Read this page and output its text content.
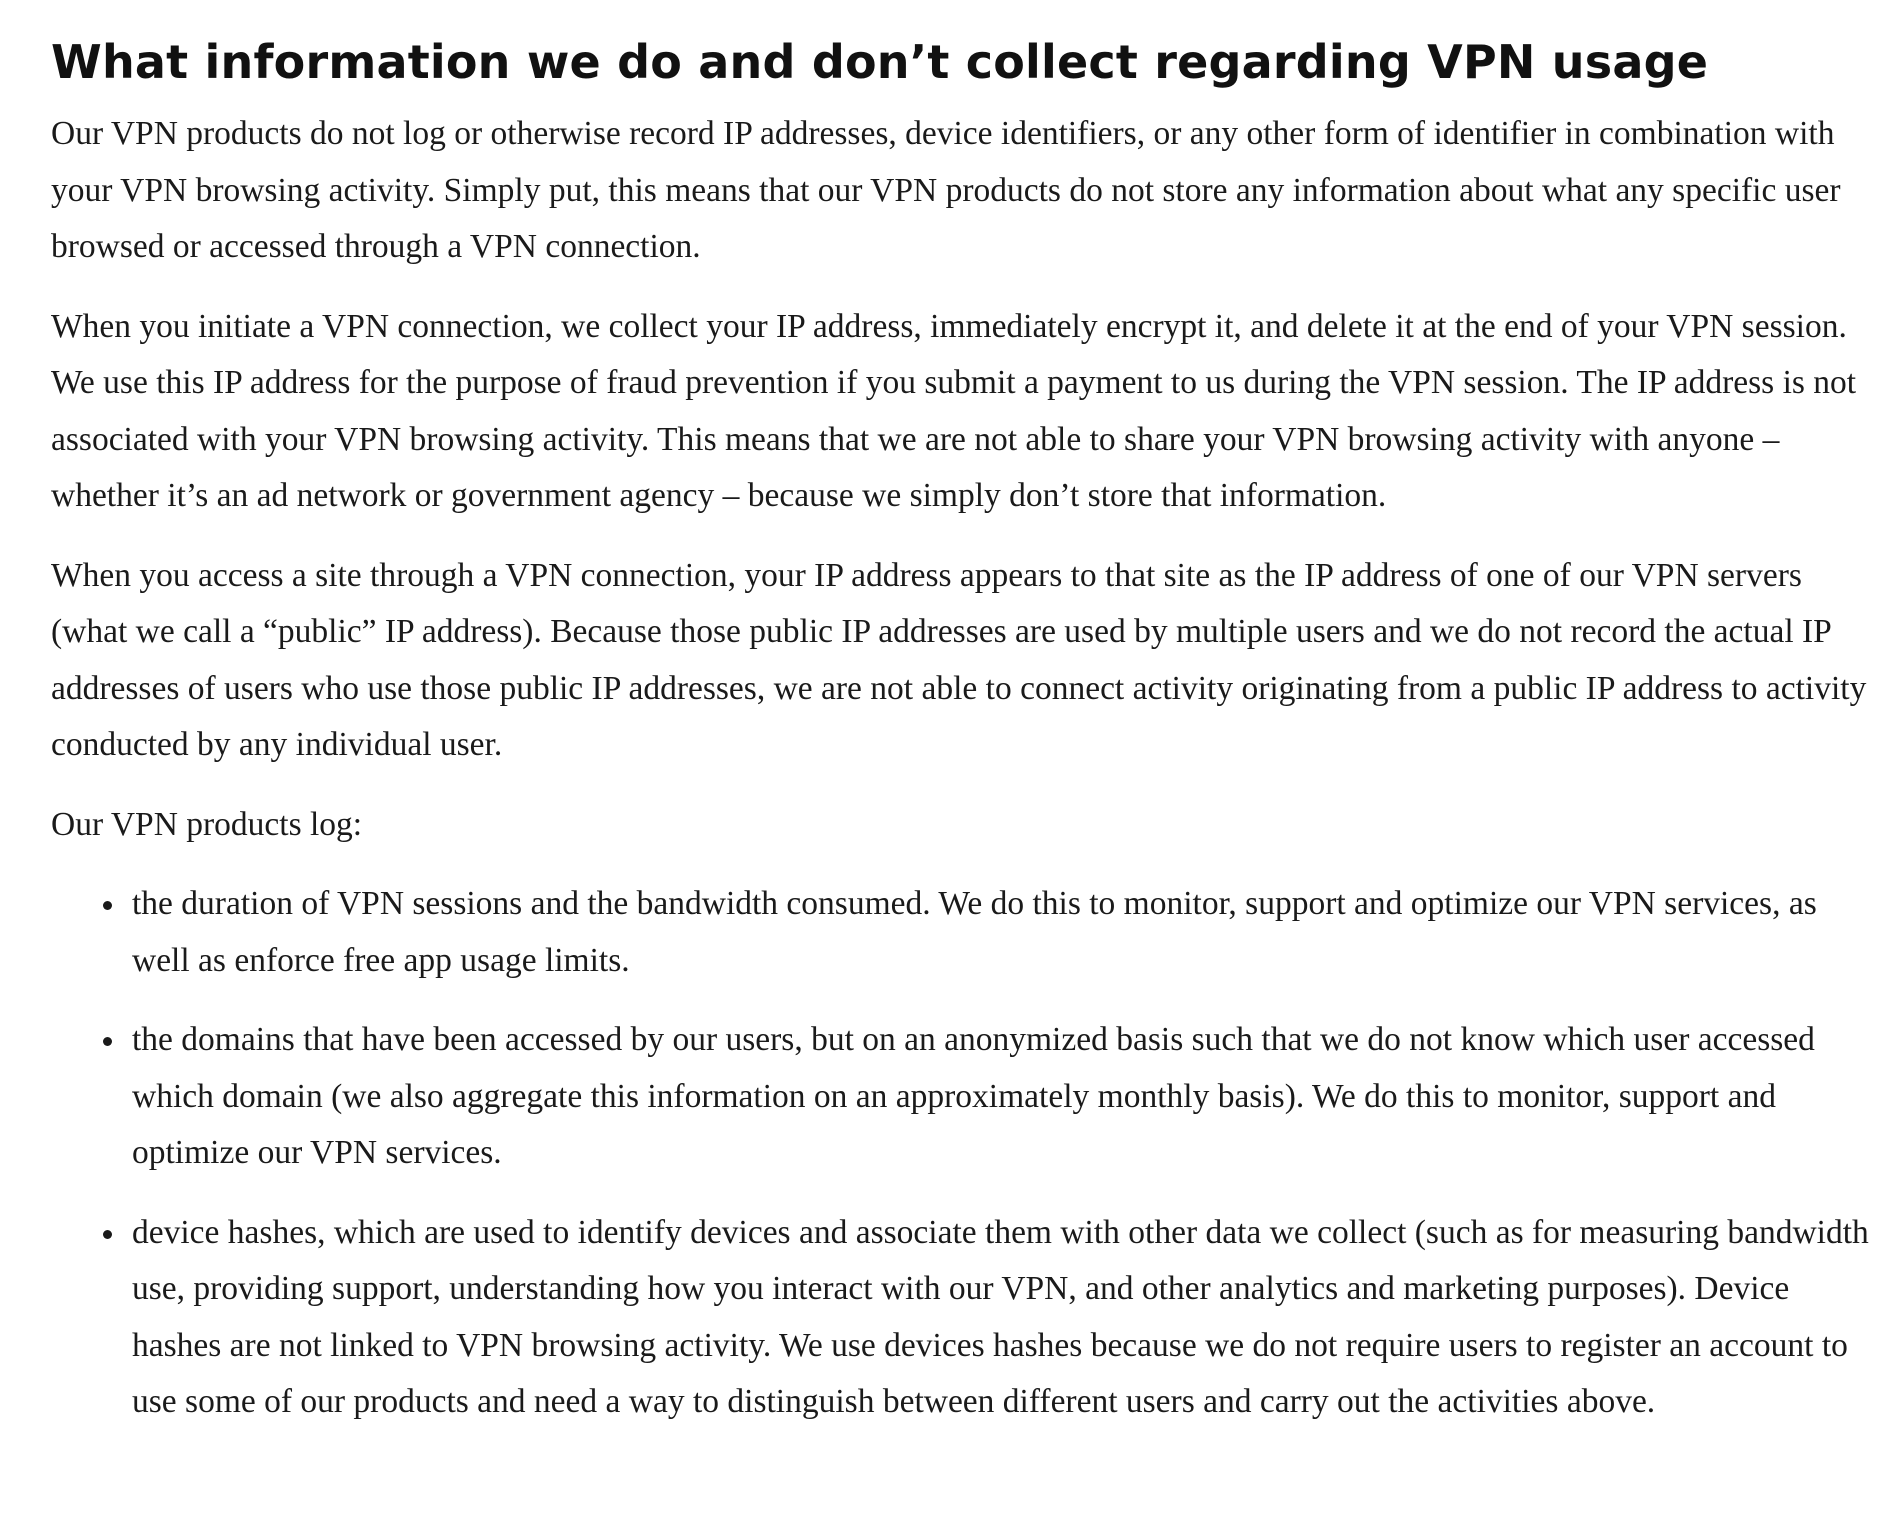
What information we do and don’t collect regarding VPN usage

Our VPN products do not log or otherwise record IP addresses, device identifiers, or any other form of identifier in combination with your VPN browsing activity. Simply put, this means that our VPN products do not store any information about what any specific user browsed or accessed through a VPN connection.

When you initiate a VPN connection, we collect your IP address, immediately encrypt it, and delete it at the end of your VPN session. We use this IP address for the purpose of fraud prevention if you submit a payment to us during the VPN session. The IP address is not associated with your VPN browsing activity. This means that we are not able to share your VPN browsing activity with anyone – whether it’s an ad network or government agency – because we simply don’t store that information.

When you access a site through a VPN connection, your IP address appears to that site as the IP address of one of our VPN servers (what we call a “public” IP address). Because those public IP addresses are used by multiple users and we do not record the actual IP addresses of users who use those public IP addresses, we are not able to connect activity originating from a public IP address to activity conducted by any individual user.

Our VPN products log:

the duration of VPN sessions and the bandwidth consumed. We do this to monitor, support and optimize our VPN services, as well as enforce free app usage limits.
the domains that have been accessed by our users, but on an anonymized basis such that we do not know which user accessed which domain (we also aggregate this information on an approximately monthly basis). We do this to monitor, support and optimize our VPN services.
device hashes, which are used to identify devices and associate them with other data we collect (such as for measuring bandwidth use, providing support, understanding how you interact with our VPN, and other analytics and marketing purposes). Device hashes are not linked to VPN browsing activity. We use devices hashes because we do not require users to register an account to use some of our products and need a way to distinguish between different users and carry out the activities above.
